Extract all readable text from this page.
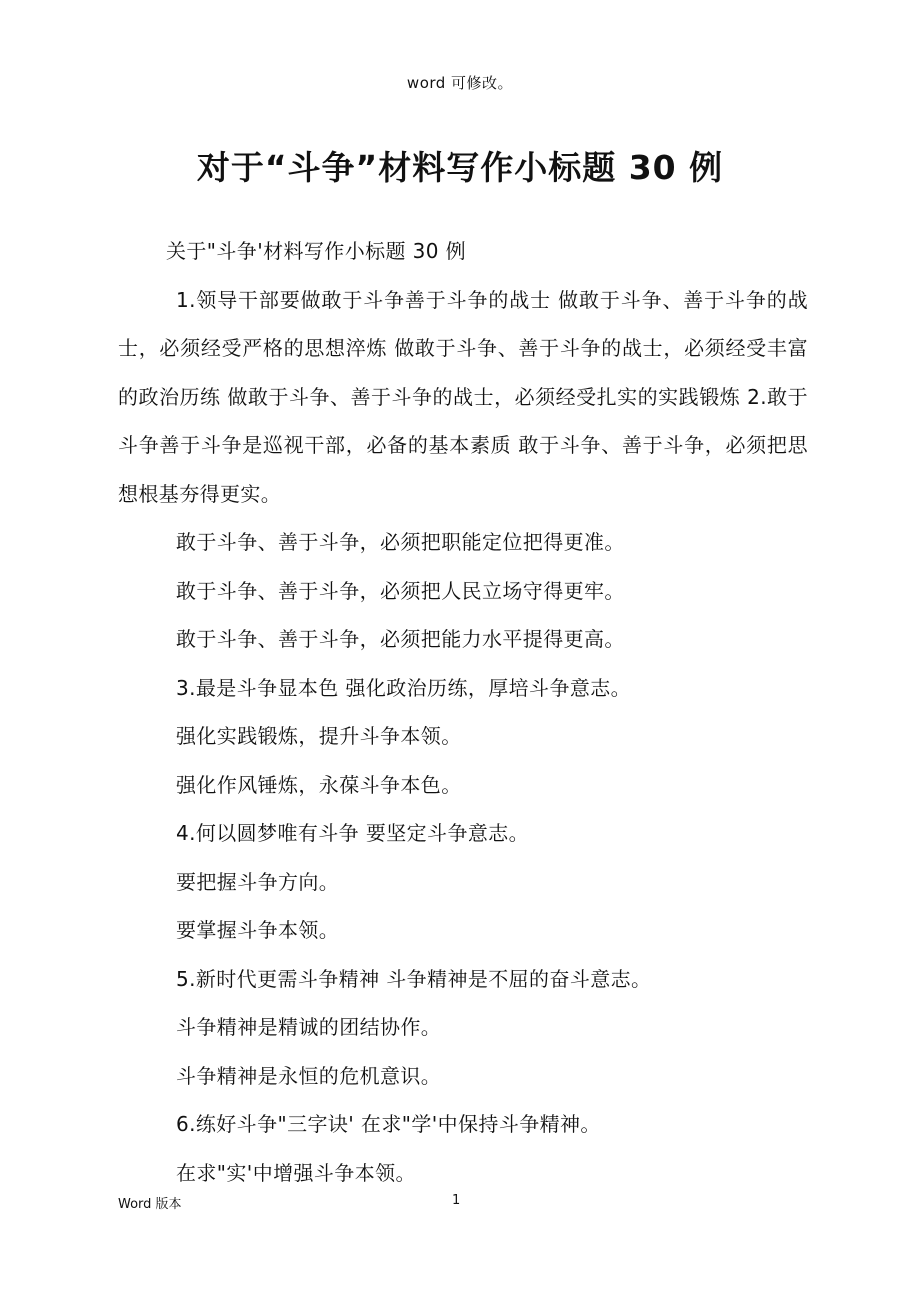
word 可修改。
对于“斗争”材料写作小标题 30 例

关于"斗争'材料写作小标题 30 例

1.领导干部要做敢于斗争善于斗争的战士 做敢于斗争、善于斗争的战士，必须经受严格的思想淬炼 做敢于斗争、善于斗争的战士，必须经受丰富的政治历练 做敢于斗争、善于斗争的战士，必须经受扎实的实践锻炼 2.敢于斗争善于斗争是巡视干部，必备的基本素质 敢于斗争、善于斗争，必须把思想根基夯得更实。

敢于斗争、善于斗争，必须把职能定位把得更准。

敢于斗争、善于斗争，必须把人民立场守得更牢。

敢于斗争、善于斗争，必须把能力水平提得更高。

3.最是斗争显本色 强化政治历练，厚培斗争意志。

强化实践锻炼，提升斗争本领。

强化作风锤炼，永葆斗争本色。

4.何以圆梦唯有斗争 要坚定斗争意志。

要把握斗争方向。

要掌握斗争本领。

5.新时代更需斗争精神 斗争精神是不屈的奋斗意志。

斗争精神是精诚的团结协作。

斗争精神是永恒的危机意识。

6.练好斗争"三字诀' 在求"学'中保持斗争精神。

在求"实'中增强斗争本领。

Word 版本	1
